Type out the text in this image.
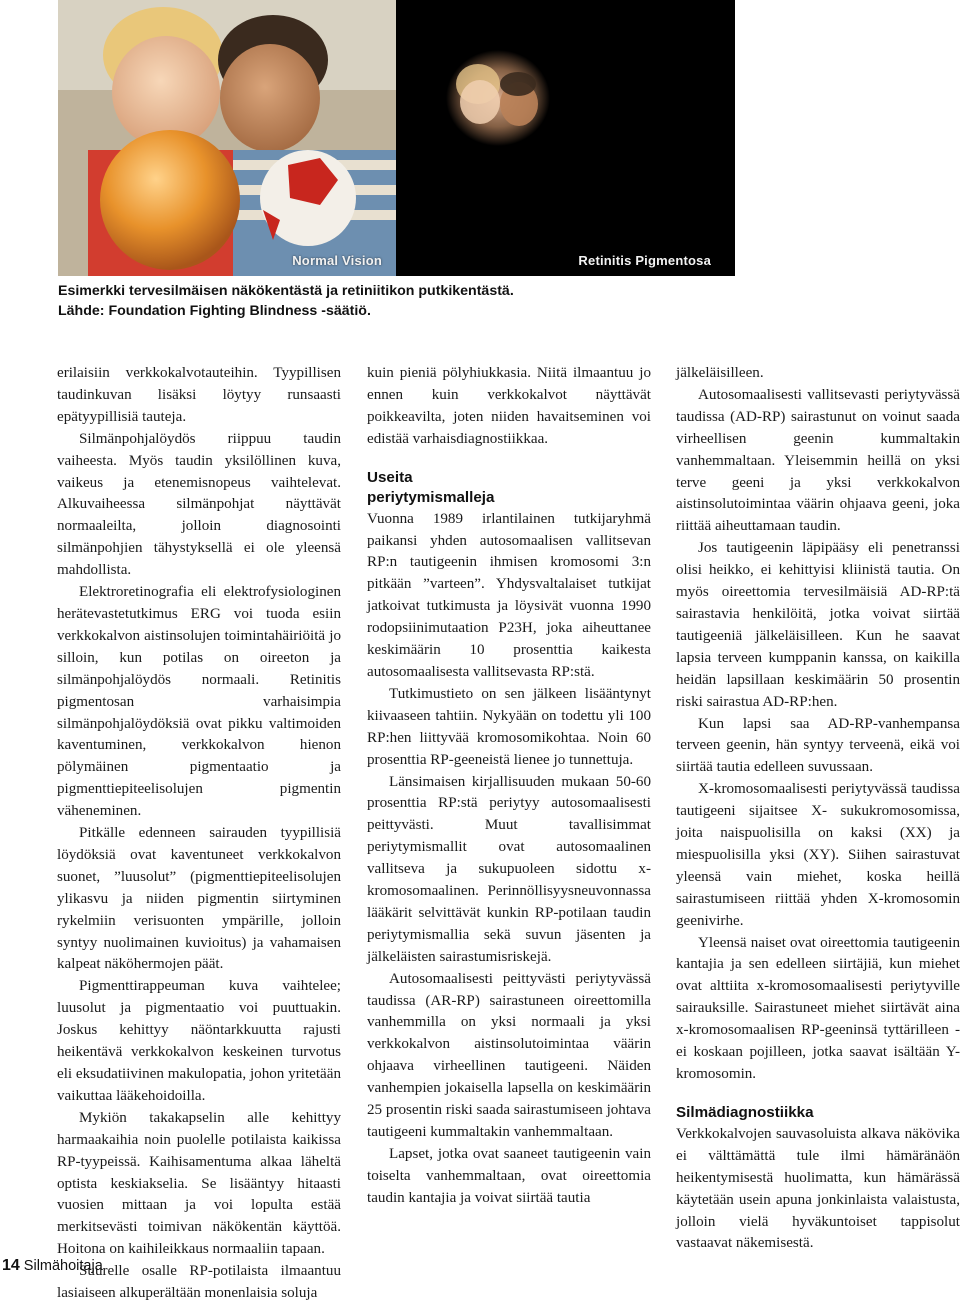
Normal Vision	Retinitis Pigmentosa
Esimerkki tervesilmäisen näkökentästä ja retiniitikon putkikentästä.
Lähde: Foundation Fighting Blindness -säätiö.

erilaisiin verkkokalvotauteihin. Tyypillisen taudinkuvan lisäksi löytyy runsaasti epätyypillisiä tauteja.

Silmänpohjalöydös riippuu taudin vaiheesta. Myös taudin yksilöllinen kuva, vaikeus ja etenemisnopeus vaihtelevat. Alkuvaiheessa silmänpohjat näyttävät normaaleilta, jolloin diagnosointi silmänpohjien tähystyksellä ei ole yleensä mahdollista.

Elektroretinografia eli elektrofysiologinen herätevastetutkimus ERG voi tuoda esiin verkkokalvon aistinsolujen toimintahäiriöitä jo silloin, kun potilas on oireeton ja silmänpohjalöydös normaali. Retinitis pigmentosan varhaisimpia silmänpohjalöydöksiä ovat pikku valtimoiden kaventuminen, verkkokalvon hienon pölymäinen pigmentaatio ja pigmenttiepiteelisolujen pigmentin väheneminen.

Pitkälle edenneen sairauden tyypillisiä löydöksiä ovat kaventuneet verkkokalvon suonet, ”luusolut” (pigmenttiepiteelisolujen ylikasvu ja niiden pigmentin siirtyminen rykelmiin verisuonten ympärille, jolloin syntyy nuolimainen kuvioitus) ja vahamaisen kalpeat näköhermojen päät.

Pigmenttirappeuman kuva vaihtelee; luusolut ja pigmentaatio voi puuttuakin. Joskus kehittyy näöntarkkuutta rajusti heikentävä verkkokalvon keskeinen turvotus eli eksudatiivinen makulopatia, johon yritetään vaikuttaa lääkehoidoilla.

Mykiön takakapselin alle kehittyy harmaakaihia noin puolelle potilaista kaikissa RP-tyypeissä. Kaihisamentuma alkaa läheltä optista keskiakselia. Se lisääntyy hitaasti vuosien mittaan ja voi lopulta estää merkitsevästi toimivan näkökentän käyttöä. Hoitona on kaihileikkaus normaaliin tapaan.

Suurelle osalle RP-potilaista ilmaantuu lasiaiseen alkuperältään monenlaisia soluja

kuin pieniä pölyhiukkasia. Niitä ilmaantuu jo ennen kuin verkkokalvot näyttävät poikkeavilta, joten niiden havaitseminen voi edistää varhaisdiagnostiikkaa.

Useita
periytymismalleja

Vuonna 1989 irlantilainen tutkijaryhmä paikansi yhden autosomaalisen vallitsevan RP:n tautigeenin ihmisen kromosomi 3:n pitkään ”varteen”. Yhdysvaltalaiset tutkijat jatkoivat tutkimusta ja löysivät vuonna 1990 rodopsiinimutaation P23H, joka aiheuttanee keskimäärin 10 prosenttia kaikesta autosomaalisesta vallitsevasta RP:stä.

Tutkimustieto on sen jälkeen lisääntynyt kiivaaseen tahtiin. Nykyään on todettu yli 100 RP:hen liittyvää kromosomikohtaa. Noin 60 prosenttia RP-geeneistä lienee jo tunnettuja.

Länsimaisen kirjallisuuden mukaan 50-60 prosenttia RP:stä periytyy autosomaalisesti peittyvästi. Muut tavallisimmat periytymismallit ovat autosomaalinen vallitseva ja sukupuoleen sidottu x-kromosomaalinen. Perinnöllisyysneuvonnassa lääkärit selvittävät kunkin RP-potilaan taudin periytymismallia sekä suvun jäsenten ja jälkeläisten sairastumisriskejä.

Autosomaalisesti peittyvästi periytyvässä taudissa (AR-RP) sairastuneen oireettomilla vanhemmilla on yksi normaali ja yksi verkkokalvon aistinsolutoimintaa väärin ohjaava virheellinen tautigeeni. Näiden vanhempien jokaisella lapsella on keskimäärin 25 prosentin riski saada sairastumiseen johtava tautigeeni kummaltakin vanhemmaltaan.

Lapset, jotka ovat saaneet tautigeenin vain toiselta vanhemmaltaan, ovat oireettomia taudin kantajia ja voivat siirtää tautia

jälkeläisilleen.

Autosomaalisesti vallitsevasti periytyvässä taudissa (AD-RP) sairastunut on voinut saada virheellisen geenin kummaltakin vanhemmaltaan. Yleisemmin heillä on yksi terve geeni ja yksi verkkokalvon aistinsolutoimintaa väärin ohjaava geeni, joka riittää aiheuttamaan taudin.

Jos tautigeenin läpipääsy eli penetranssi olisi heikko, ei kehittyisi kliinistä tautia. On myös oireettomia tervesilmäisiä AD-RP:tä sairastavia henkilöitä, jotka voivat siirtää tautigeeniä jälkeläisilleen. Kun he saavat lapsia terveen kumppanin kanssa, on kaikilla heidän lapsillaan keskimäärin 50 prosentin riski sairastua AD-RP:hen.

Kun lapsi saa AD-RP-vanhempansa terveen geenin, hän syntyy terveenä, eikä voi siirtää tautia edelleen suvussaan.

X-kromosomaalisesti periytyvässä taudissa tautigeeni sijaitsee X- sukukromosomissa, joita naispuolisilla on kaksi (XX) ja miespuolisilla yksi (XY). Siihen sairastuvat yleensä vain miehet, koska heillä sairastumiseen riittää yhden X-kromosomin geenivirhe.

Yleensä naiset ovat oireettomia tautigeenin kantajia ja sen edelleen siirtäjiä, kun miehet ovat alttiita x-kromosomaalisesti periytyville sairauksille. Sairastuneet miehet siirtävät aina x-kromosomaalisen RP-geeninsä tyttärilleen - ei koskaan pojilleen, jotka saavat isältään Y-kromosomin.

Silmädiagnostiikka

Verkkokalvojen sauvasoluista alkava näkövika ei välttämättä tule ilmi hämäränäön heikentymisestä huolimatta, kun hämärässä käytetään usein apuna jonkinlaista valaistusta, jolloin vielä hyväkuntoiset tappisolut vastaavat näkemisestä.

14 Silmähoitaja
